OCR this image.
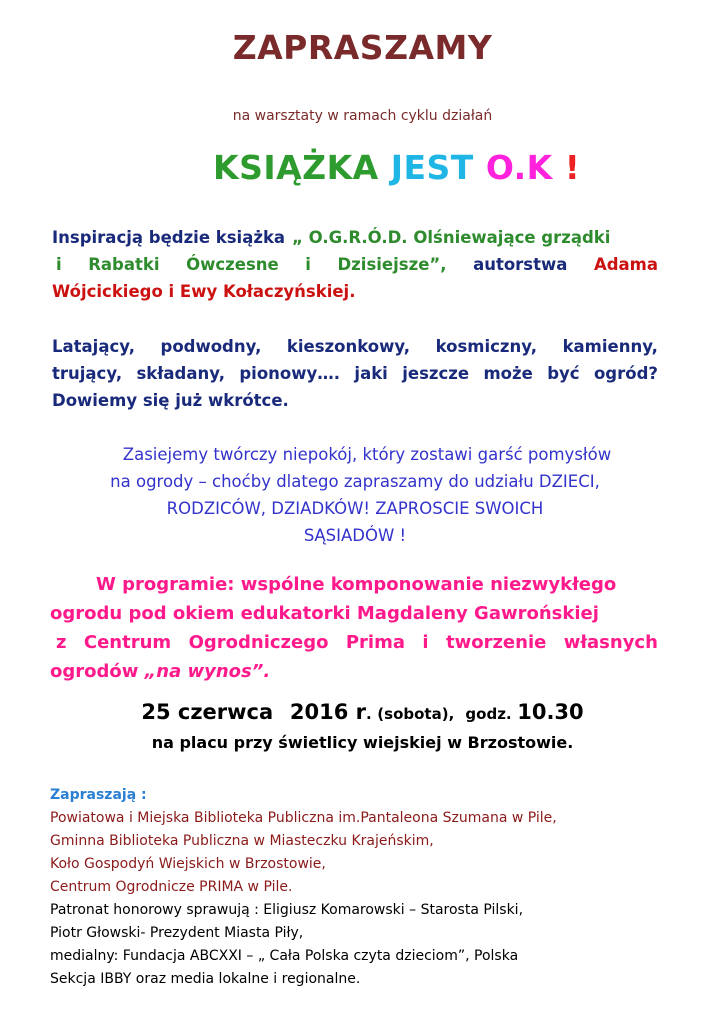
ZAPRASZAMY
na warsztaty w ramach cyklu działań
KSIĄŻKA JEST O.K !
Inspiracją będzie książka „ O.G.R.Ó.D. Olśniewające grządki
i Rabatki Ówczesne i Dzisiejsze”, autorstwa Adama
Wójcickiego i Ewy Kołaczyńskiej.
Latający, podwodny, kieszonkowy, kosmiczny, kamienny,
trujący, składany, pionowy…. jaki jeszcze może być ogród?
Dowiemy się już wkrótce.
Zasiejemy twórczy niepokój, który zostawi garść pomysłów
na ogrody – choćby dlatego zapraszamy do udziału DZIECI,
RODZICÓW, DZIADKÓW! ZAPROSCIE SWOICH
SĄSIADÓW !
W programie: wspólne komponowanie niezwykłego
ogrodu pod okiem edukatorki Magdaleny Gawrońskiej
z Centrum Ogrodniczego Prima i tworzenie własnych
ogrodów „na wynos”.
25 czerwca 2016 r. (sobota), godz. 10.30
na placu przy świetlicy wiejskiej w Brzostowie.
Zapraszają :
Powiatowa i Miejska Biblioteka Publiczna im.Pantaleona Szumana w Pile,
Gminna Biblioteka Publiczna w Miasteczku Krajeńskim,
Koło Gospodyń Wiejskich w Brzostowie,
Centrum Ogrodnicze PRIMA w Pile.
Patronat honorowy sprawują : Eligiusz Komarowski – Starosta Pilski,
Piotr Głowski- Prezydent Miasta Piły,
medialny: Fundacja ABCXXI – „ Cała Polska czyta dzieciom”, Polska
Sekcja IBBY oraz media lokalne i regionalne.
